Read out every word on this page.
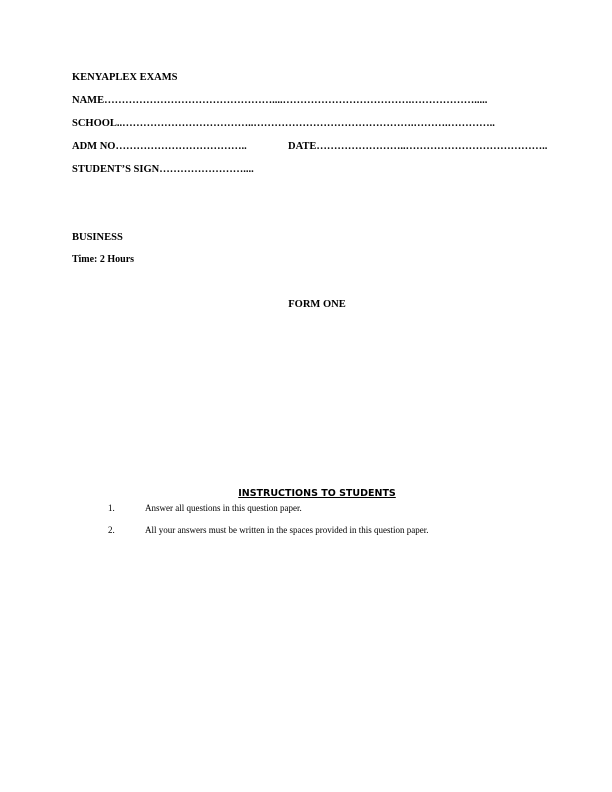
KENYAPLEX EXAMS
NAME…………………………………………....……………………………….……………….....
SCHOOL..………………………………..……………………………………….……….…………..
ADM NO………………………………..	DATE……………………..…………………………………..
STUDENT’S SIGN……………………....
BUSINESS
Time: 2 Hours
FORM ONE
INSTRUCTIONS TO STUDENTS
1.	Answer all questions in this question paper.
2.	All your answers must be written in the spaces provided in this question paper.
